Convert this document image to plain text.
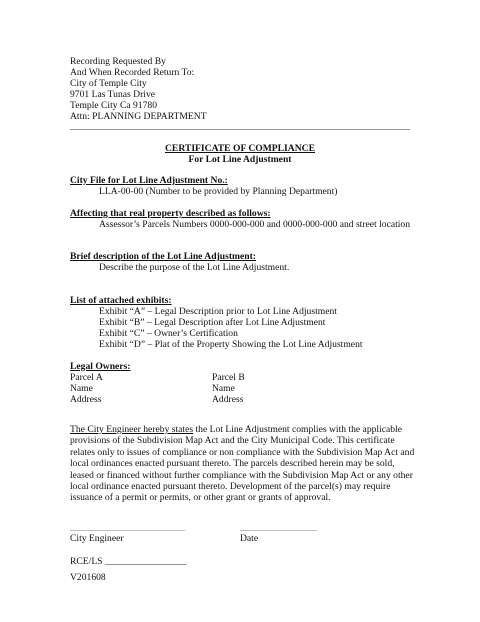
Recording Requested By
And When Recorded Return To:
City of Temple City
9701 Las Tunas Drive
Temple City Ca 91780
Attn: PLANNING DEPARTMENT
CERTIFICATE OF COMPLIANCE
For Lot Line Adjustment
City File for Lot Line Adjustment No.:
LLA-00-00 (Number to be provided by Planning Department)
Affecting that real property described as follows:
Assessor’s Parcels Numbers 0000-000-000 and 0000-000-000 and street location
Brief description of the Lot Line Adjustment:
Describe the purpose of the Lot Line Adjustment.
List of attached exhibits:
Exhibit “A” – Legal Description prior to Lot Line Adjustment
Exhibit “B” – Legal Description after Lot Line Adjustment
Exhibit “C” – Owner’s Certification
Exhibit “D” – Plat of the Property Showing the Lot Line Adjustment
Legal Owners:
Parcel A
Name
Address
Parcel B
Name
Address
The City Engineer hereby states the Lot Line Adjustment complies with the applicable provisions of the Subdivision Map Act and the City Municipal Code. This certificate relates only to issues of compliance or non compliance with the Subdivision Map Act and local ordinances enacted pursuant thereto. The parcels described herein may be sold, leased or financed without further compliance with the Subdivision Map Act or any other local ordinance enacted pursuant thereto. Development of the parcel(s) may require issuance of a permit or permits, or other grant or grants of approval.
________________________
City Engineer
________________
Date
RCE/LS _________________
V201608
